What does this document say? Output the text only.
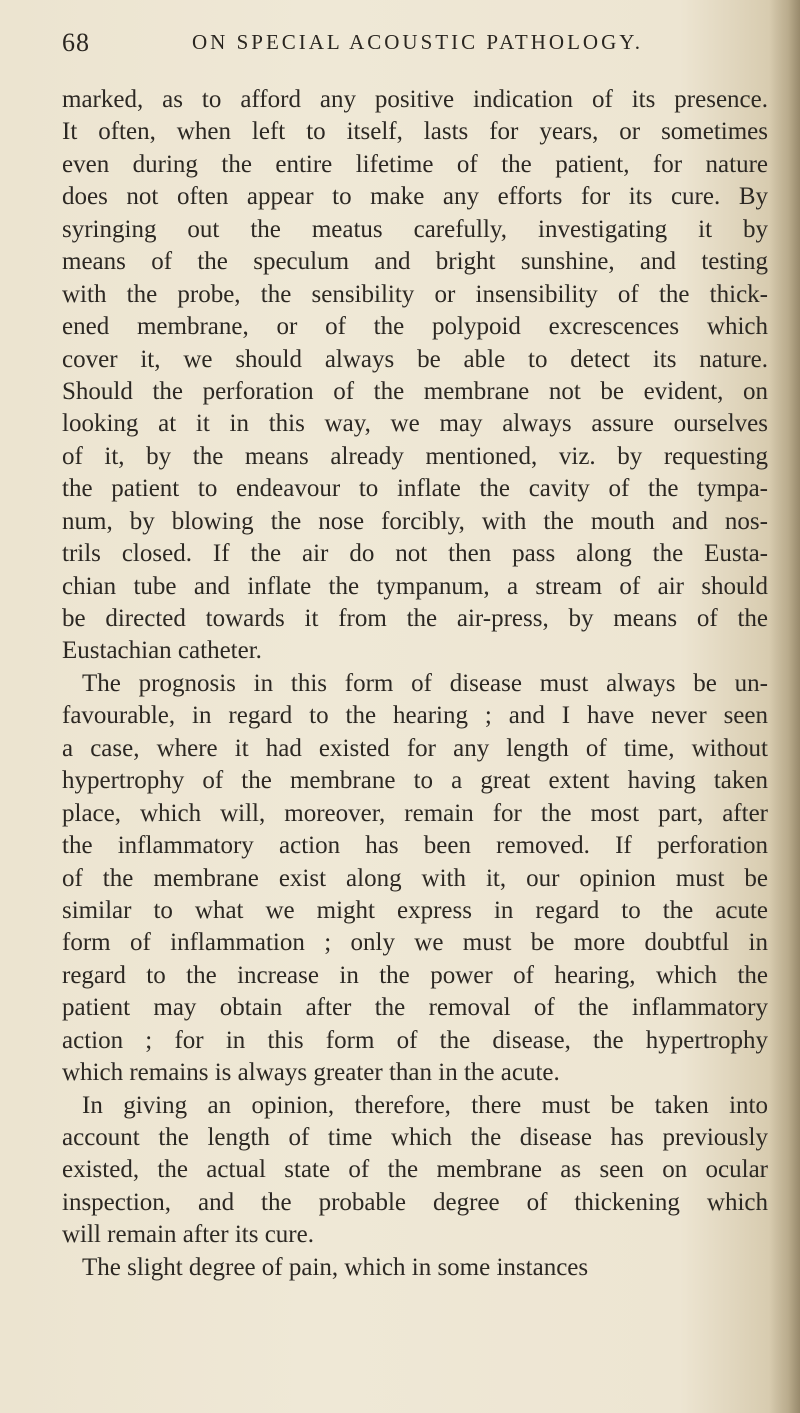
68	ON SPECIAL ACOUSTIC PATHOLOGY.
marked, as to afford any positive indication of its presence.
It often, when left to itself, lasts for years, or sometimes
even during the entire lifetime of the patient, for nature
does not often appear to make any efforts for its cure. By
syringing out the meatus carefully, investigating it by
means of the speculum and bright sunshine, and testing
with the probe, the sensibility or insensibility of the thick-
ened membrane, or of the polypoid excrescences which
cover it, we should always be able to detect its nature.
Should the perforation of the membrane not be evident, on
looking at it in this way, we may always assure ourselves
of it, by the means already mentioned, viz. by requesting
the patient to endeavour to inflate the cavity of the tympa-
num, by blowing the nose forcibly, with the mouth and nos-
trils closed. If the air do not then pass along the Eusta-
chian tube and inflate the tympanum, a stream of air should
be directed towards it from the air-press, by means of the
Eustachian catheter.
The prognosis in this form of disease must always be un-
favourable, in regard to the hearing ; and I have never seen
a case, where it had existed for any length of time, without
hypertrophy of the membrane to a great extent having taken
place, which will, moreover, remain for the most part, after
the inflammatory action has been removed. If perforation
of the membrane exist along with it, our opinion must be
similar to what we might express in regard to the acute
form of inflammation ; only we must be more doubtful in
regard to the increase in the power of hearing, which the
patient may obtain after the removal of the inflammatory
action ; for in this form of the disease, the hypertrophy
which remains is always greater than in the acute.
In giving an opinion, therefore, there must be taken into
account the length of time which the disease has previously
existed, the actual state of the membrane as seen on ocular
inspection, and the probable degree of thickening which
will remain after its cure.
The slight degree of pain, which in some instances
